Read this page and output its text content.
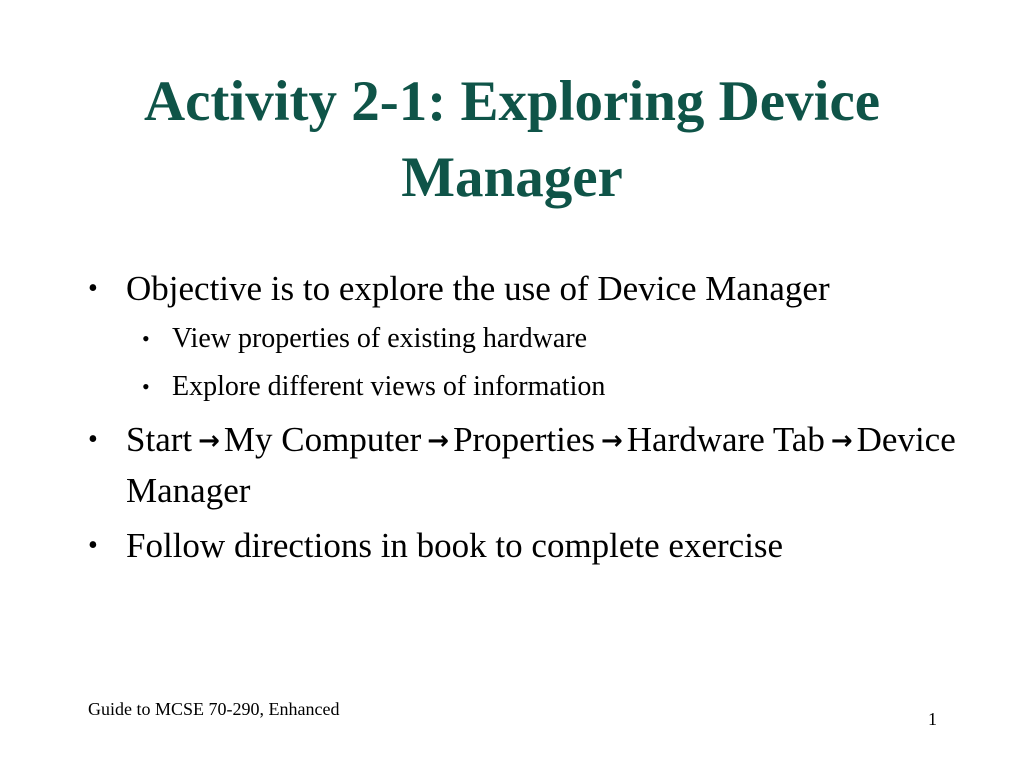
Activity 2-1: Exploring Device
Manager
• Objective is to explore the use of Device Manager
• View properties of existing hardware
• Explore different views of information
• Start → My Computer → Properties → Hardware Tab → Device Manager
• Follow directions in book to complete exercise
Guide to MCSE 70-290, Enhanced	1
